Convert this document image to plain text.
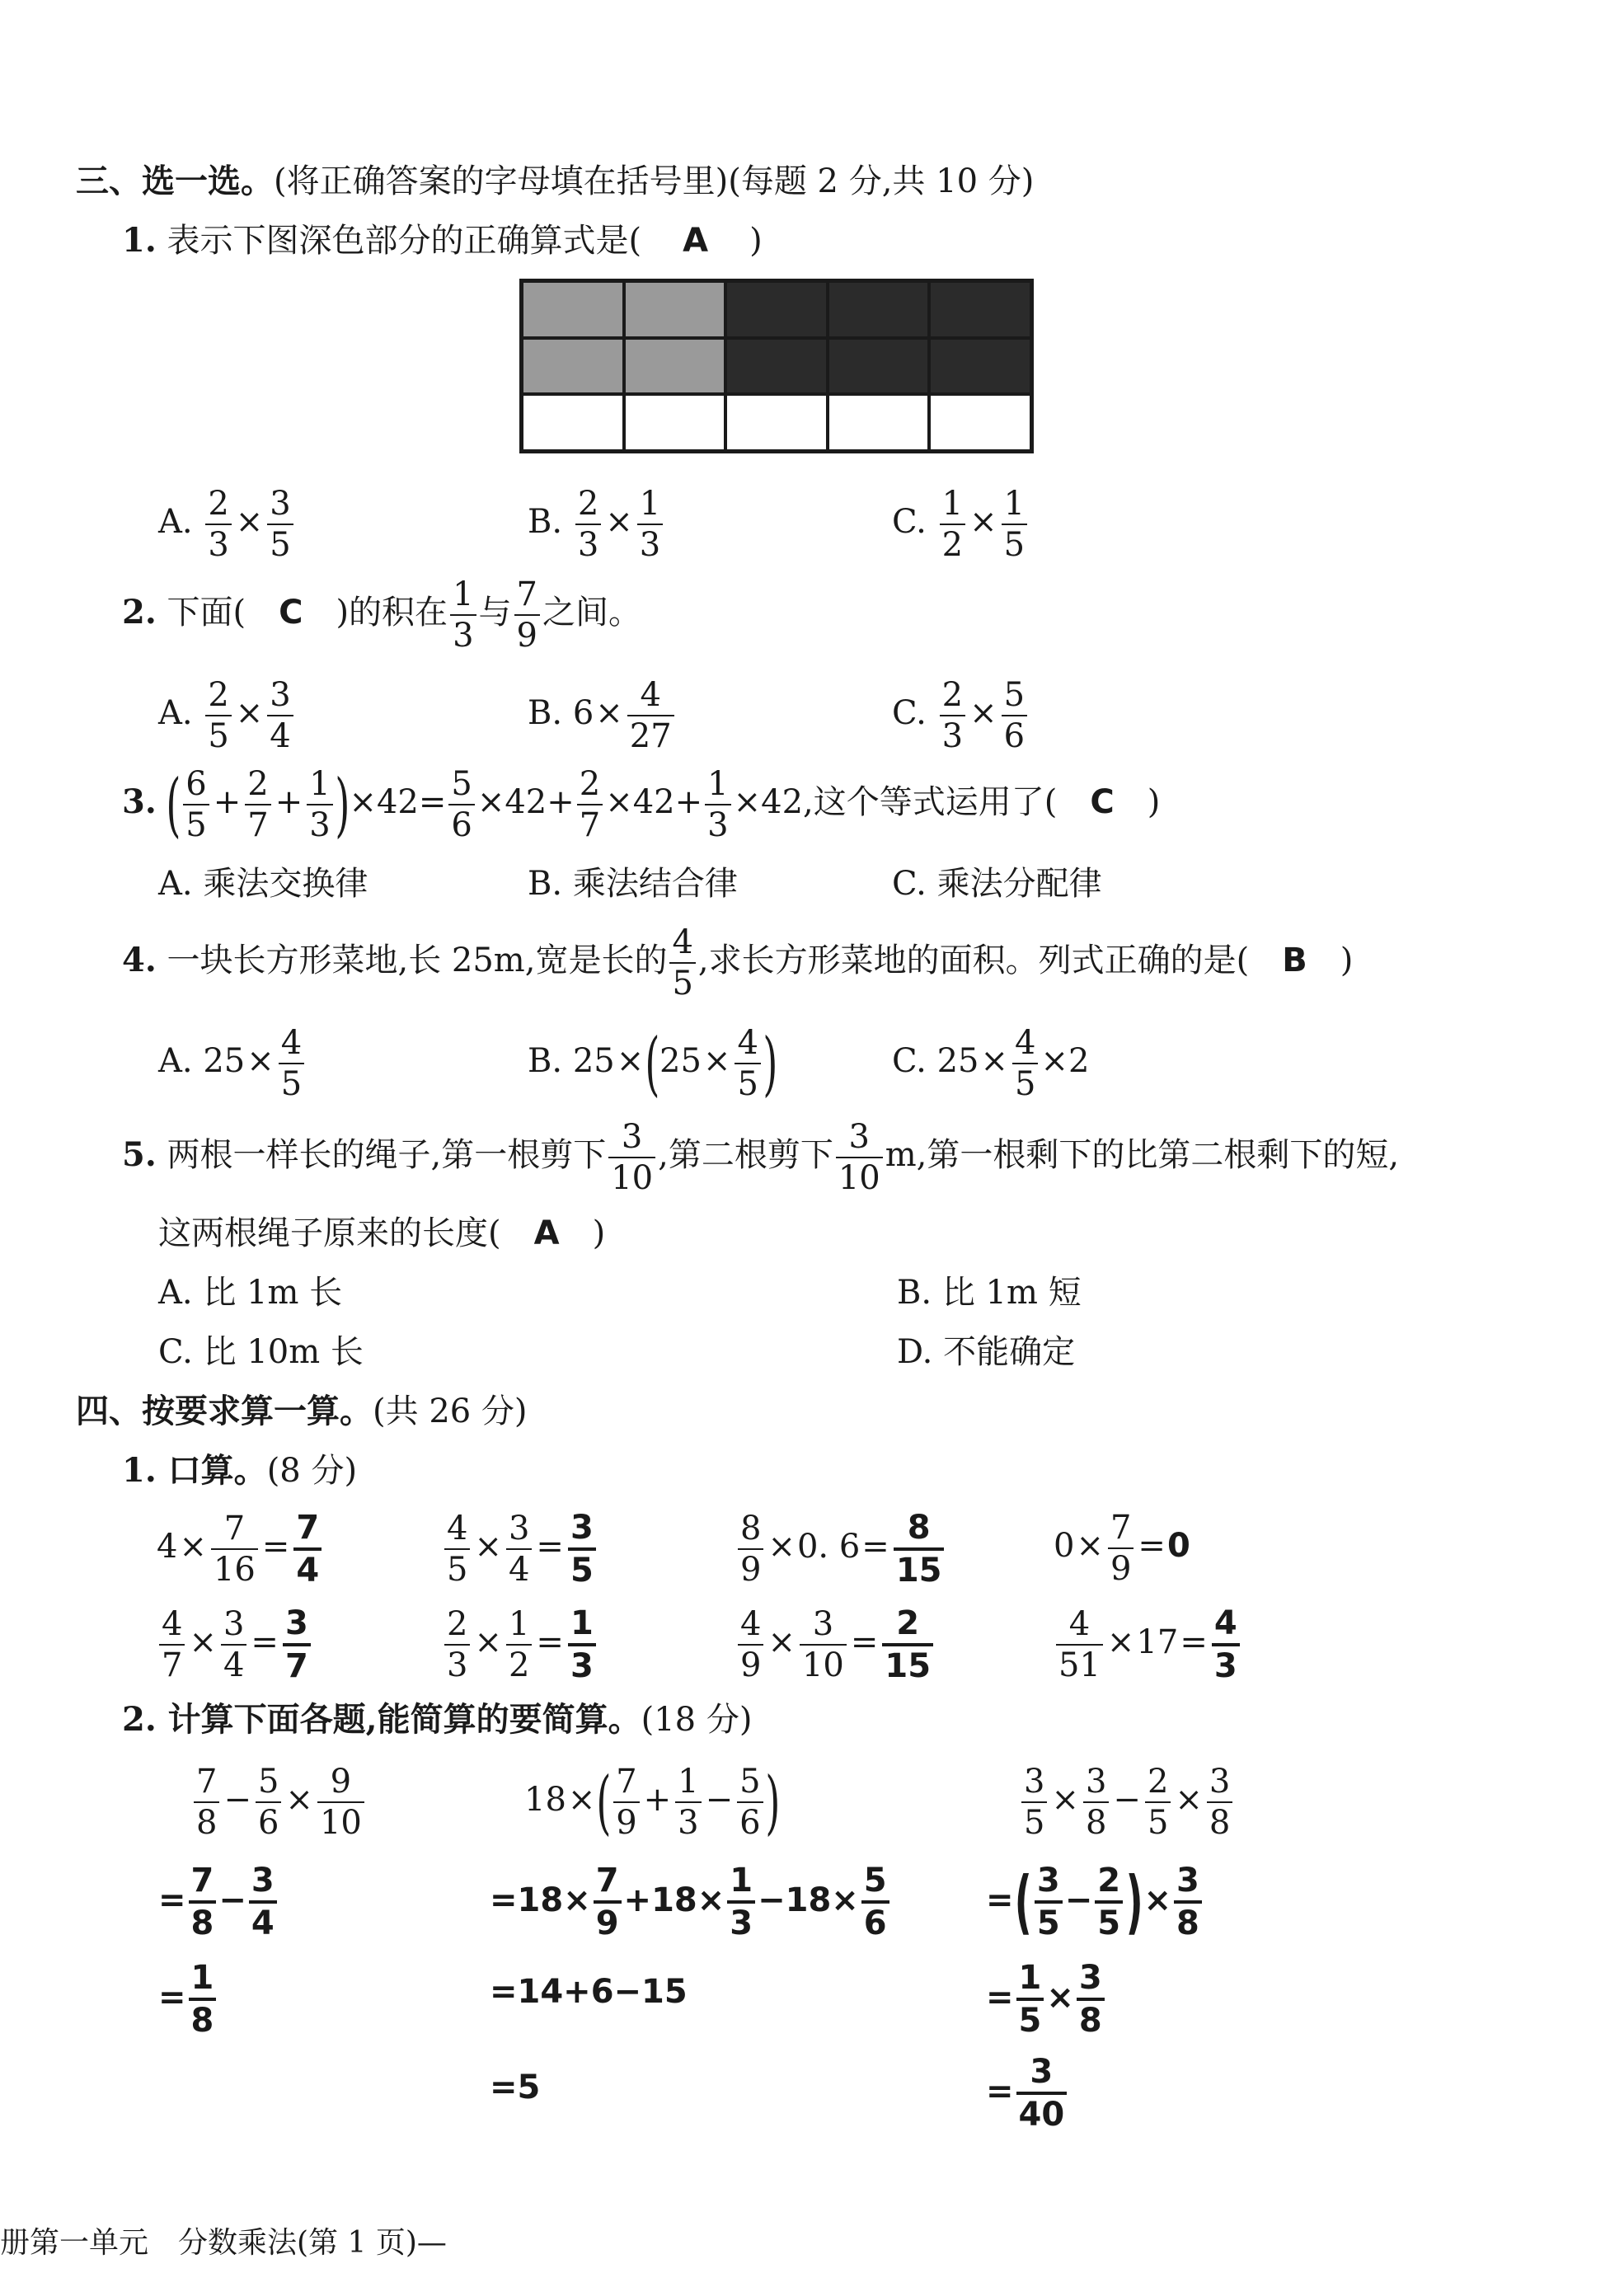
三、选一选。(将正确答案的字母填在括号里)(每题 2 分,共 10 分)
1. 表示下图深色部分的正确算式是( A )
A. $\frac{2}{3} \times \frac{3}{5}$	B. $\frac{2}{3} \times \frac{1}{3}$	C. $\frac{1}{2} \times \frac{1}{5}$
2. 下面( C )的积在 $\frac{1}{3}$ 与 $\frac{7}{9}$ 之间。
A. $\frac{2}{5} \times \frac{3}{4}$	B. $6\times \frac{4}{27}$	C. $\frac{2}{3} \times \frac{5}{6}$
3. ( $\frac{6}{5} + \frac{2}{7} + \frac{1}{3} )\times 42= \frac{5}{6} \times 42+ \frac{2}{7} \times 42+ \frac{1}{3} \times 42$,这个等式运用了( C )
A. 乘法交换律	B. 乘法结合律	C. 乘法分配律
4. 一块长方形菜地,长 25m,宽是长的 $\frac{4}{5}$ ,求长方形菜地的面积。列式正确的是( B )
A. $25\times \frac{4}{5}$	B. $25\times(25\times \frac{4}{5}$ )	C. $25\times \frac{4}{5} \times 2$
5. 两根一样长的绳子,第一根剪下 $\frac{3}{10}$ ,第二根剪下 $\frac{3}{10} m$,第一根剩下的比第二根剩下的短,
这两根绳子原来的长度( A )
A. 比 1m 长	B. 比 1m 短
C. 比 10m 长	D. 不能确定
四、按要求算一算。(共 26 分)
1. 口算。(8 分)
$4\times \frac{7}{16} = \frac{7}{4}$	$\frac{4}{5} \times \frac{3}{4} = \frac{3}{5}$	$\frac{8}{9} \times 0$. $6= \frac{8}{15}$	$0\times \frac{7}{9} =0$
$\frac{4}{7} \times \frac{3}{4} = \frac{3}{7}$	$\frac{2}{3} \times \frac{1}{2} = \frac{1}{3}$	$\frac{4}{9} \times \frac{3}{10} = \frac{2}{15}$	$\frac{4}{51} \times 17= \frac{4}{3}$
2. 计算下面各题,能简算的要简算。(18 分)
$\frac{7}{8} - \frac{5}{6} \times \frac{9}{10}$
= $\frac{7}{8} - \frac{3}{4}$
= $\frac{1}{8}$
$18\times( \frac{7}{9} + \frac{1}{3} - \frac{5}{6}$ )
$=18\times \frac{7}{9} +18\times \frac{1}{3} -18\times \frac{5}{6}$
=14+6−15
=5
$\frac{3}{5} \times \frac{3}{8} - \frac{2}{5} \times \frac{3}{8}$
=( $\frac{3}{5} - \frac{2}{5}$ )× $\frac{3}{8}$
= $\frac{1}{5} \times \frac{3}{8}$
= $\frac{3}{40}$
册第一单元　分数乘法(第 1 页)—
